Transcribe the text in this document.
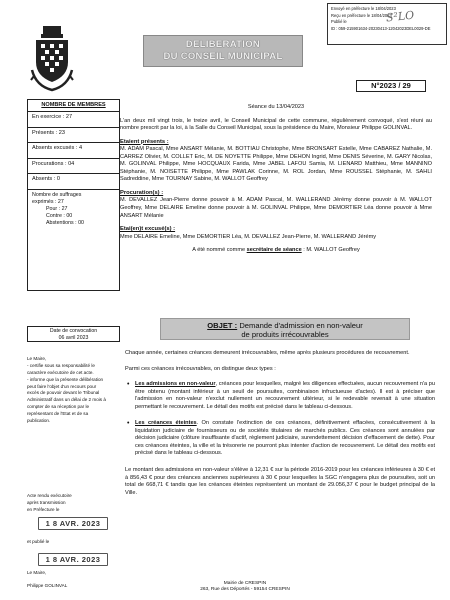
Envoyé en préfecture le 18/04/2023
Reçu en préfecture le 18/04/2023
Publié le
ID : 059-215901634-20230413-12042023DEL0029-DE
S²LO
DELIBERATION
DU CONSEIL MUNICIPAL
N°2023 / 29
NOMBRE DE MEMBRES
En exercice : 27
Présents : 23
Absents excusés : 4
Procurations : 04
Absents : 0
Nombre de suffrages
exprimés : 27
Pour : 27
Contre : 00
Abstentions : 00
Date de convocation
06 avril 2023
Le Maire,
- certifie sous sa responsabilité le
caractère exécutoire de cet acte.
- informe que la présente délibération
peut faire l'objet d'un recours pour
excès de pouvoir devant le Tribunal
Administratif dans un délai de 2 mois à
compter de sa réception par le
représentant de l'Etat et de sa
publication.
Acte rendu exécutoire
après transmission
en Préfecture le
1 8 AVR. 2023
et publié le
1 8 AVR. 2023
Le Maire,
Philippe GOLINVAL
Séance du 13/04/2023
L'an deux mil vingt trois, le treize avril, le Conseil Municipal de cette commune, régulièrement convoqué, s'est réuni au nombre prescrit par la loi, à la Salle du Conseil Municipal, sous la présidence du Maire, Monsieur Philippe GOLINVAL.
Etaient présents :
M. ADAM Pascal, Mme ANSART Mélanie, M. BOTTIAU Christophe, Mme BRONSART Estelle, Mme CABAREZ Nathalie, M. CARREZ Olivier, M. COLLET Eric, M. DE NOYETTE Philippe, Mme DEHON Ingrid, Mme DENIS Séverine, M. GARY Nicolas, M. GOLINVAL Philippe, Mme HOCQUAUX Farida, Mme JABEL LAFOU Samia, M. LIENARD Matthieu, Mme MANNINO Stéphanie, M. NOISETTE Philippe, Mme PAWLAK Corinne, M. ROL Jordan, Mme ROUSSEL Stéphanie, M. SAHLI Sadreddine, Mme TOURNAY Sabine, M. WALLOT Geoffrey
Procuration(s) :
M. DEVALLEZ Jean-Pierre donne pouvoir à M. ADAM Pascal, M. WALLERAND Jérémy donne pouvoir à M. WALLOT Geoffrey, Mme DELAIRE Emeline donne pouvoir à M. GOLINVAL Philippe, Mme DEMORTIER Léa donne pouvoir à Mme ANSART Mélanie
Etai(en)t excusé(s) :
Mme DELAIRE Emeline, Mme DEMORTIER Léa, M. DEVALLEZ Jean-Pierre, M. WALLERAND Jérémy
A été nommé comme secrétaire de séance : M. WALLOT Geoffrey
OBJET : Demande d'admission en non-valeur
de produits irrécouvrables
Chaque année, certaines créances demeurent irrécouvrables, même après plusieurs procédures de recouvrement.
Parmi ces créances irrécouvrables, on distingue deux types :
• Les admissions en non-valeur, créances pour lesquelles, malgré les diligences effectuées, aucun recouvrement n'a pu être obtenu (montant inférieur à un seuil de poursuites, combinaison infructueuse d'actes). Il est à préciser que l'admission en non-valeur n'exclut nullement un recouvrement ultérieur, si le redevable revenait à une situation permettant le recouvrement. Le détail des motifs est précisé dans le tableau ci-dessous.
• Les créances éteintes. On constate l'extinction de ces créances, définitivement effacées, consécutivement à la liquidation judiciaire de fournisseurs ou de sociétés titulaires de marchés publics. Ces créances sont annulées par décision judiciaire (clôture insuffisante d'actif, règlement judiciaire, surendettement décision d'effacement de dette). Pour ces créances éteintes, la ville et la trésorerie ne pourront plus intenter d'action de recouvrement. Le détail des motifs est précisé dans le tableau ci-dessous.
Le montant des admissions en non-valeur s'élève à 12,31 € sur la période 2016-2019 pour les créances inférieures à 30 € et à 856,43 € pour des créances anciennes supérieures à 30 € pour lesquelles la SGC n'engagera plus de poursuites, soit un total de 668,71 € tandis que les créances éteintes représentent un montant de 29.056,37 € pour le budget principal de la Ville.
Mairie de CRESPIN
263, Rue des Déportés - 59154 CRESPIN
